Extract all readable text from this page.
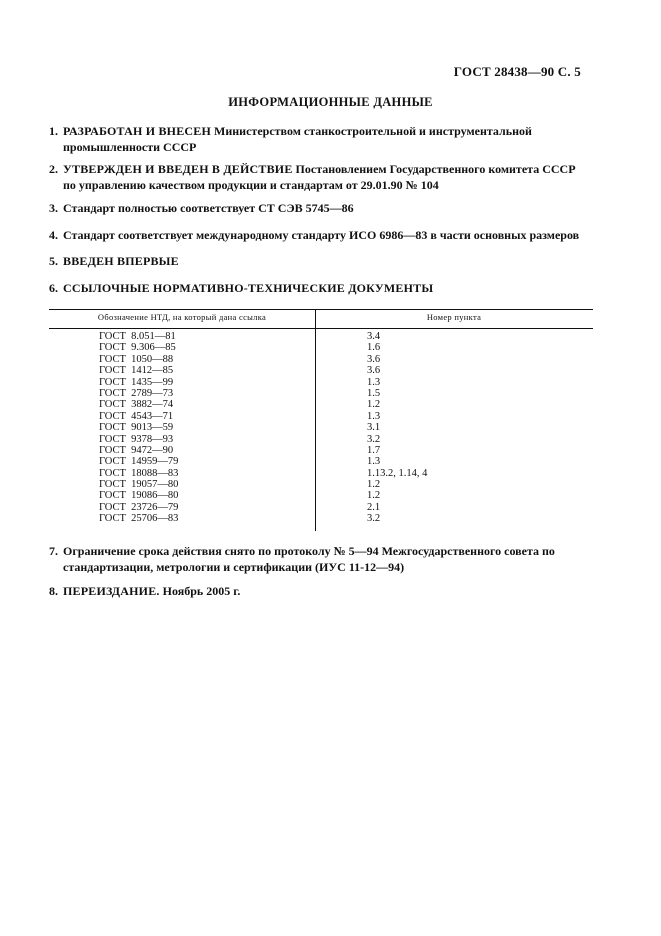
ГОСТ 28438—90 С. 5
ИНФОРМАЦИОННЫЕ ДАННЫЕ
1. РАЗРАБОТАН И ВНЕСЕН Министерством станкостроительной и инструментальной промышленности СССР
2. УТВЕРЖДЕН И ВВЕДЕН В ДЕЙСТВИЕ Постановлением Государственного комитета СССР по управлению качеством продукции и стандартам от 29.01.90 № 104
3. Стандарт полностью соответствует СТ СЭВ 5745—86
4. Стандарт соответствует международному стандарту ИСО 6986—83 в части основных размеров
5. ВВЕДЕН ВПЕРВЫЕ
6. ССЫЛОЧНЫЕ НОРМАТИВНО-ТЕХНИЧЕСКИЕ ДОКУМЕНТЫ
Обозначение НТД, на который дана ссылка	Номер пункта
ГОСТ  8.051—81	3.4
ГОСТ  9.306—85	1.6
ГОСТ  1050—88	3.6
ГОСТ  1412—85	3.6
ГОСТ  1435—99	1.3
ГОСТ  2789—73	1.5
ГОСТ  3882—74	1.2
ГОСТ  4543—71	1.3
ГОСТ  9013—59	3.1
ГОСТ  9378—93	3.2
ГОСТ  9472—90	1.7
ГОСТ  14959—79	1.3
ГОСТ  18088—83	1.13.2, 1.14, 4
ГОСТ  19057—80	1.2
ГОСТ  19086—80	1.2
ГОСТ  23726—79	2.1
ГОСТ  25706—83	3.2
7. Ограничение срока действия снято по протоколу № 5—94 Межгосударственного совета по стандартизации, метрологии и сертификации (ИУС 11-12—94)
8. ПЕРЕИЗДАНИЕ. Ноябрь 2005 г.
